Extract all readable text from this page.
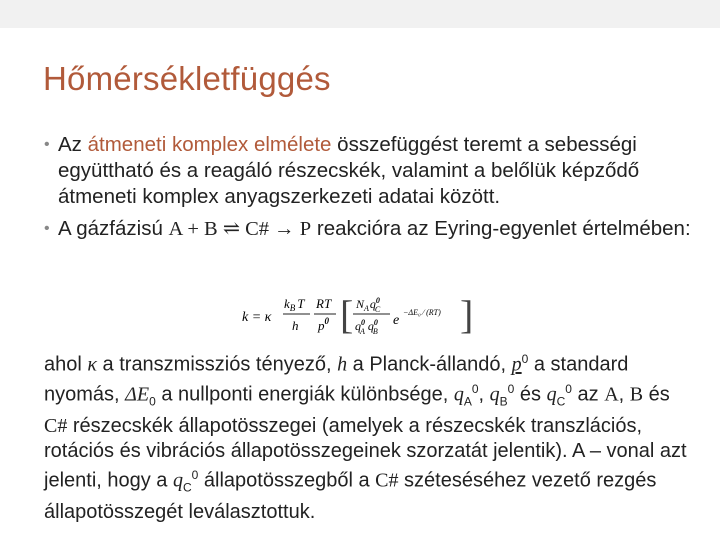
Hőmérsékletfüggés
• Az átmeneti komplex elmélete összefüggést teremt a sebességi együttható és a reagáló részecskék, valamint a belőlük képződő átmeneti komplex anyagszerkezeti adatai között.
• A gázfázisú A + B ⇌ C# → P reakcióra az Eyring-egyenlet értelmében:
k = κ
$k_B$ T
h
RT
$p^0$ [ $N_Aq^0$ C
$q^0$ A $q^0$ B
e
−ΔE₀ ⁄ (RT) ]
ahol κ a transzmissziós tényező, h a Planck-állandó, $p^0$ a standard nyomás, $\Delta E_0$ a nullponti energiák különbsége, $q_A^0$, $q_B^0$ és $q_C^0$ az A, B és C# részecskék állapotösszegei (amelyek a részecskék transzlációs, rotációs és vibrációs állapotösszegeinek szorzatát jelentik). A – vonal azt jelenti, hogy a $q_C^0$ állapotösszegből a C# széteséséhez vezető rezgés állapotösszegét leválasztottuk.
